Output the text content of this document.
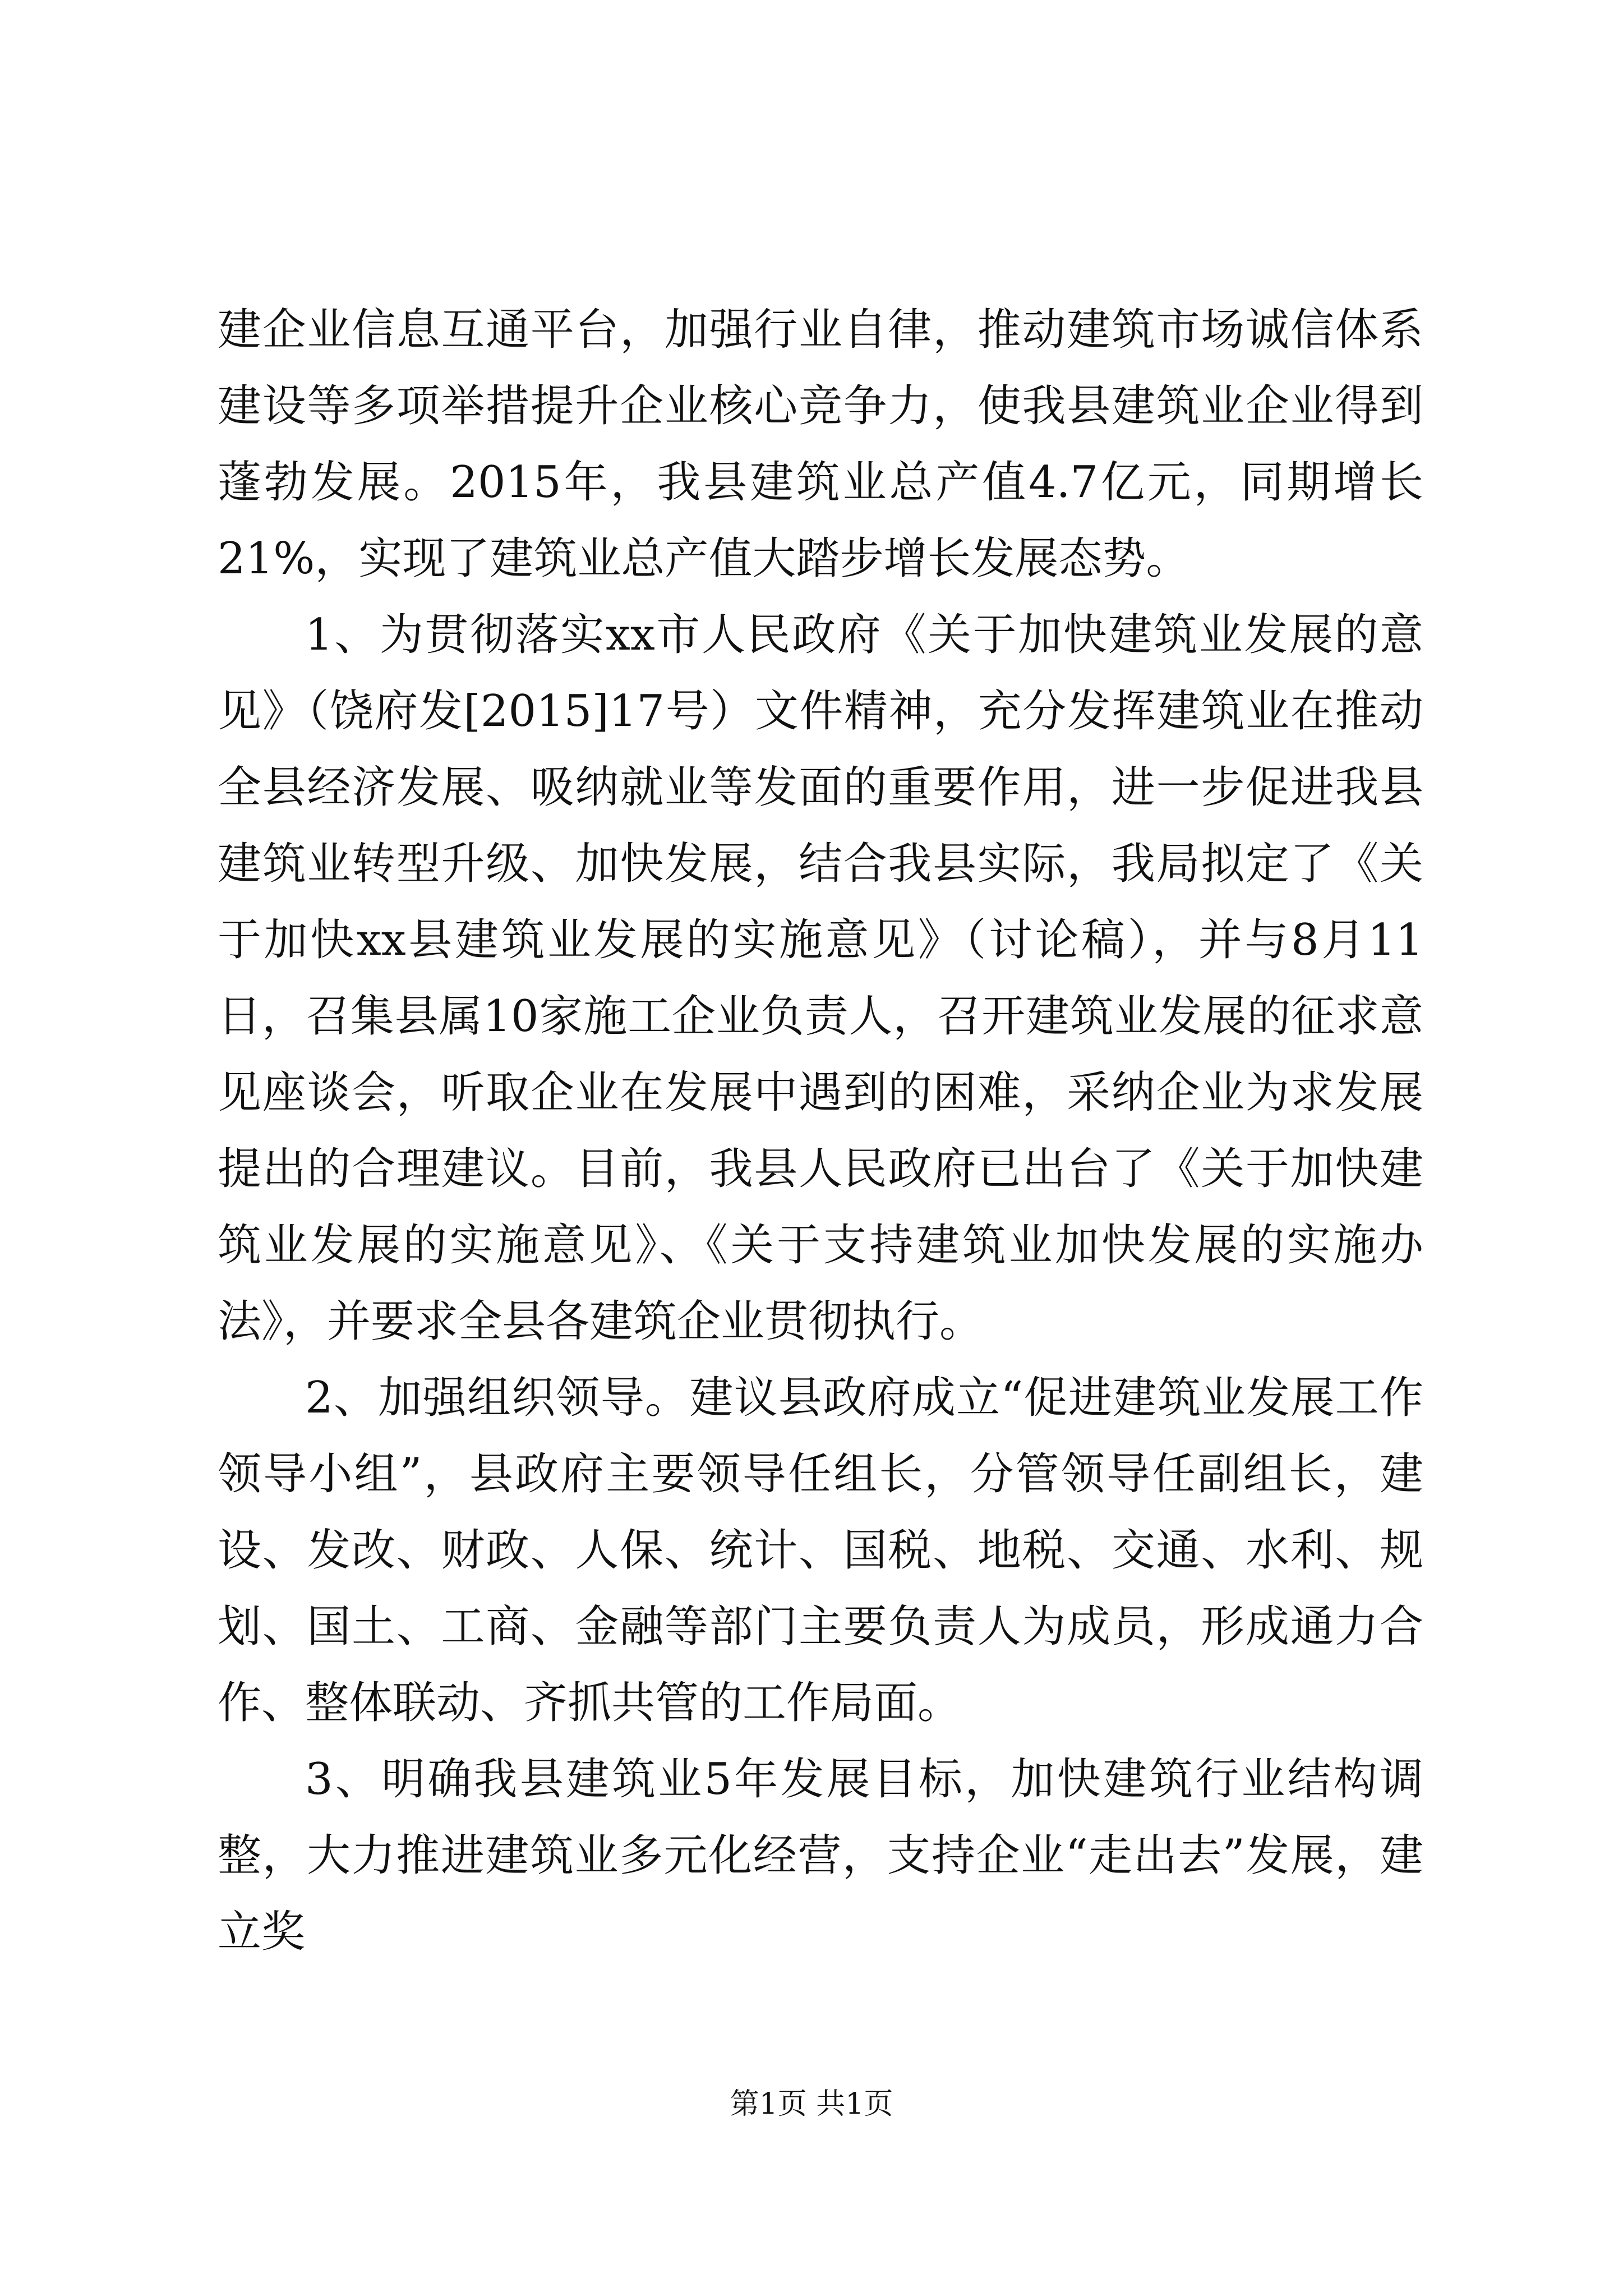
建企业信息互通平台，加强行业自律，推动建筑市场诚信体系建设等多项举措提升企业核心竞争力，使我县建筑业企业得到蓬勃发展。2015年，我县建筑业总产值4.7亿元，同期增长21%，实现了建筑业总产值大踏步增长发展态势。

1、为贯彻落实xx市人民政府《关于加快建筑业发展的意见》（饶府发[2015]17号）文件精神，充分发挥建筑业在推动全县经济发展、吸纳就业等发面的重要作用，进一步促进我县建筑业转型升级、加快发展，结合我县实际，我局拟定了《关于加快xx县建筑业发展的实施意见》（讨论稿），并与8月11日，召集县属10家施工企业负责人，召开建筑业发展的征求意见座谈会，听取企业在发展中遇到的困难，采纳企业为求发展提出的合理建议。目前，我县人民政府已出台了《关于加快建筑业发展的实施意见》、《关于支持建筑业加快发展的实施办法》，并要求全县各建筑企业贯彻执行。

2、加强组织领导。建议县政府成立“促进建筑业发展工作领导小组”，县政府主要领导任组长，分管领导任副组长，建设、发改、财政、人保、统计、国税、地税、交通、水利、规划、国土、工商、金融等部门主要负责人为成员，形成通力合作、整体联动、齐抓共管的工作局面。

3、明确我县建筑业5年发展目标，加快建筑行业结构调整，大力推进建筑业多元化经营，支持企业“走出去”发展，建立奖

第1页 共1页
